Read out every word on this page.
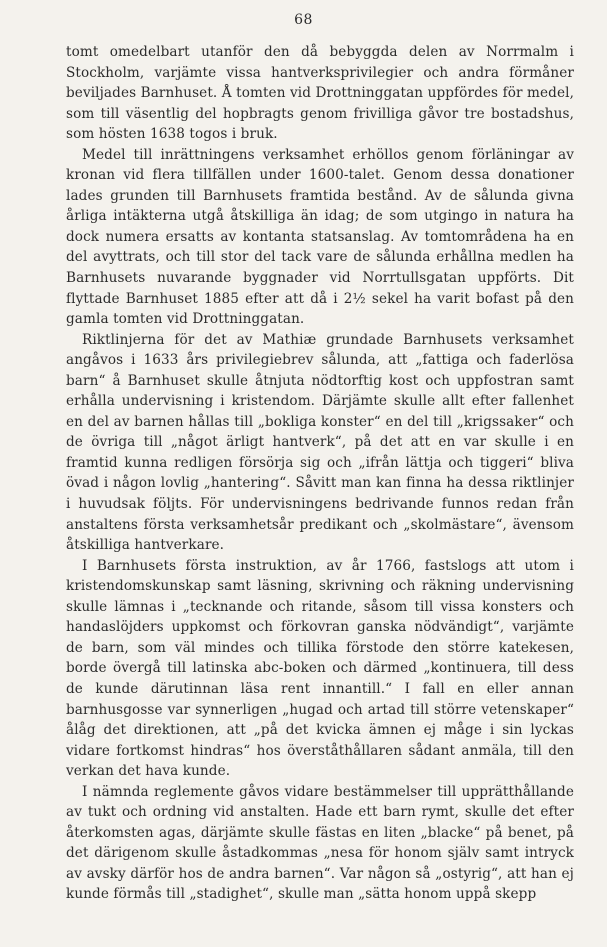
68

tomt omedelbart utanför den då bebyggda delen av Norrmalm i Stockholm, varjämte vissa hantverksprivilegier och andra förmåner beviljades Barnhuset. Å tomten vid Drottninggatan uppfördes för medel, som till väsentlig del hopbragts genom frivilliga gåvor tre bostadshus, som hösten 1638 togos i bruk.

Medel till inrättningens verksamhet erhöllos genom förläningar av kronan vid flera tillfällen under 1600-talet. Genom dessa donationer lades grunden till Barnhusets framtida bestånd. Av de sålunda givna årliga intäkterna utgå åtskilliga än idag; de som utgingo in natura ha dock numera ersatts av kontanta statsanslag. Av tomtområdena ha en del avyttrats, och till stor del tack vare de sålunda erhållna medlen ha Barnhusets nuvarande byggnader vid Norrtullsgatan uppförts. Dit flyttade Barnhuset 1885 efter att då i 2½ sekel ha varit bofast på den gamla tomten vid Drottninggatan.

Riktlinjerna för det av Mathiæ grundade Barnhusets verksamhet angåvos i 1633 års privilegiebrev sålunda, att „fattiga och faderlösa barn“ å Barnhuset skulle åtnjuta nödtorftig kost och uppfostran samt erhålla undervisning i kristendom. Därjämte skulle allt efter fallenhet en del av barnen hållas till „bokliga konster“ en del till „krigssaker“ och de övriga till „något ärligt hantverk“, på det att en var skulle i en framtid kunna redligen försörja sig och „ifrån lättja och tiggeri“ bliva övad i någon lovlig „hantering“. Såvitt man kan finna ha dessa riktlinjer i huvudsak följts. För undervisningens bedrivande funnos redan från anstaltens första verksamhetsår predikant och „skolmästare“, ävensom åtskilliga hantverkare.

I Barnhusets första instruktion, av år 1766, fastslogs att utom i kristendomskunskap samt läsning, skrivning och räkning undervisning skulle lämnas i „tecknande och ritande, såsom till vissa konsters och handaslöjders uppkomst och förkovran ganska nödvändigt“, varjämte de barn, som väl mindes och tillika förstode den större katekesen, borde övergå till latinska abc-boken och därmed „kontinuera, till dess de kunde därutinnan läsa rent innantill.“ I fall en eller annan barnhusgosse var synnerligen „hugad och artad till större vetenskaper“ ålåg det direktionen, att „på det kvicka ämnen ej måge i sin lyckas vidare fortkomst hindras“ hos överståthållaren sådant anmäla, till den verkan det hava kunde.

I nämnda reglemente gåvos vidare bestämmelser till upprätthållande av tukt och ordning vid anstalten. Hade ett barn rymt, skulle det efter återkomsten agas, därjämte skulle fästas en liten „blacke“ på benet, på det därigenom skulle åstadkommas „nesa för honom själv samt intryck av avsky därför hos de andra barnen“. Var någon så „ostyrig“, att han ej kunde förmås till „stadighet“, skulle man „sätta honom uppå skepp
